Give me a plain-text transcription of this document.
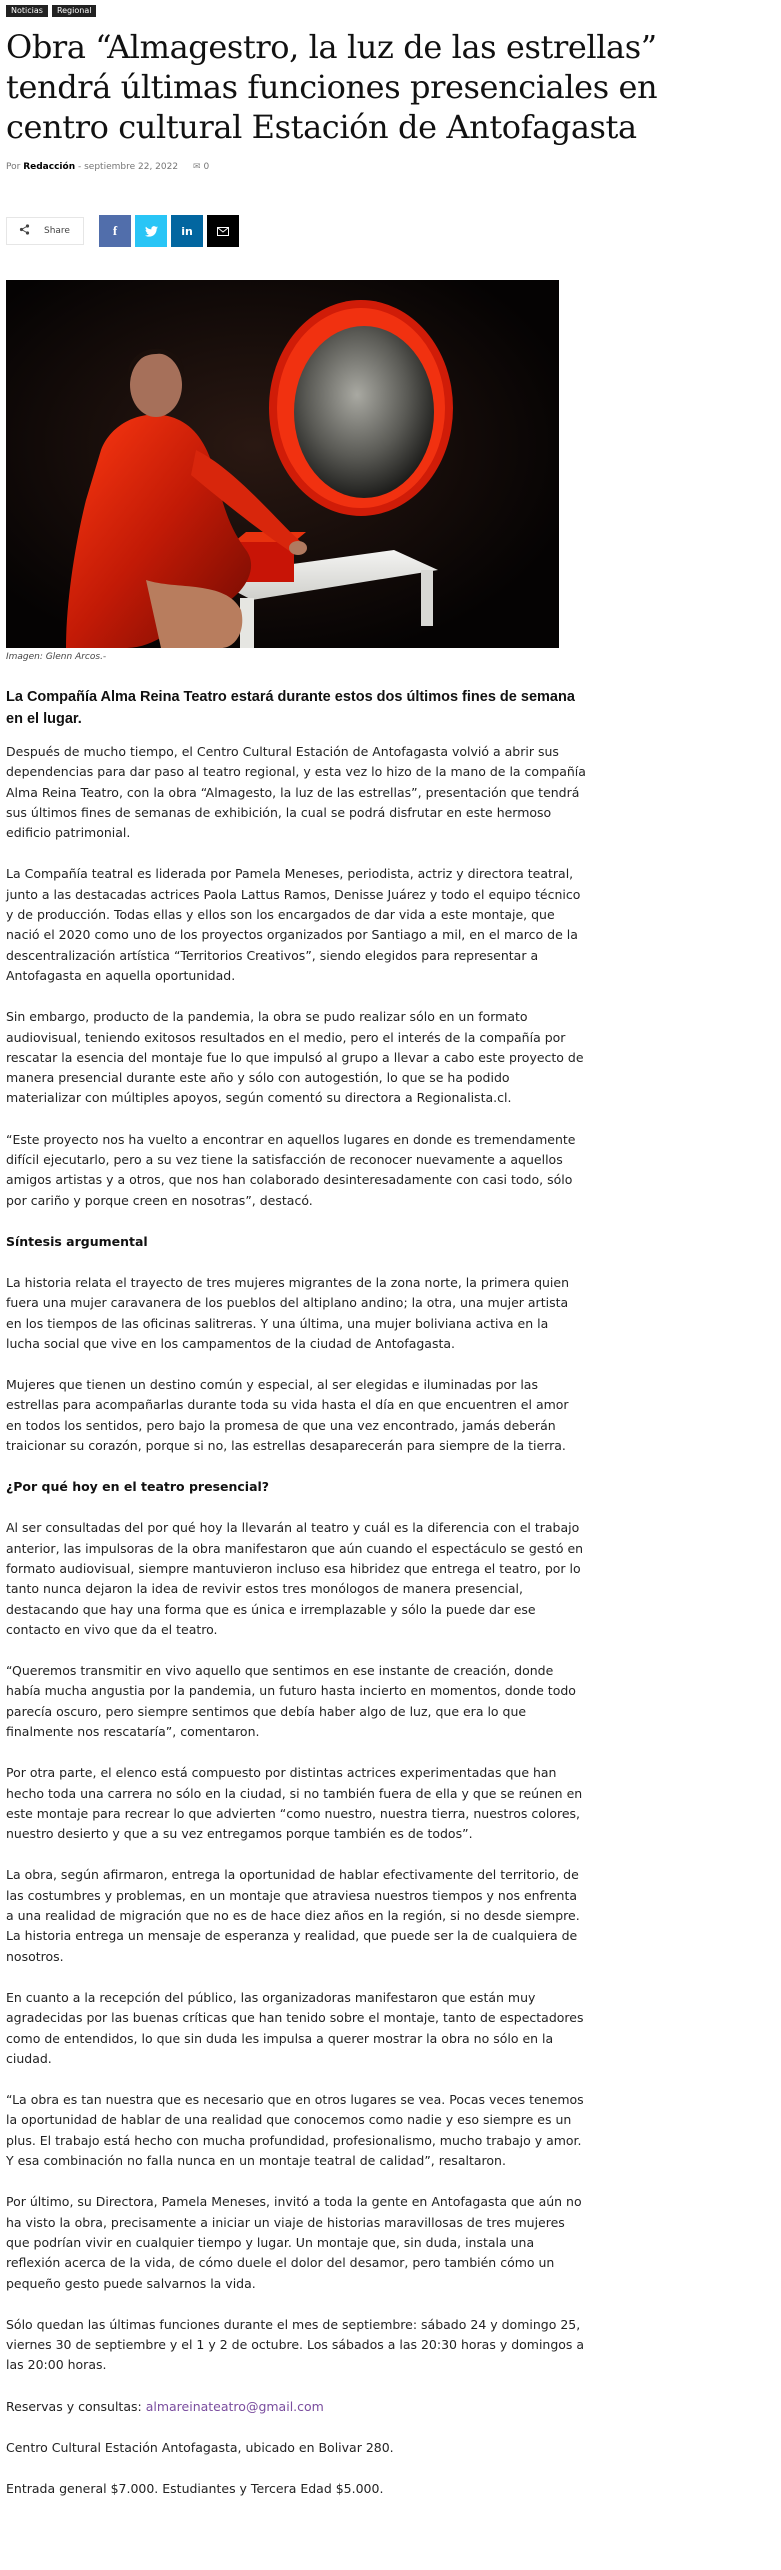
Noticias	Regional
Obra “Almagestro, la luz de las estrellas” tendrá últimas funciones presenciales en centro cultural Estación de Antofagasta
Por Redacción - septiembre 22, 2022 ✉ 0
Share	f	in
Imagen: Glenn Arcos.-

La Compañía Alma Reina Teatro estará durante estos dos últimos fines de semana en el lugar.

Después de mucho tiempo, el Centro Cultural Estación de Antofagasta volvió a abrir sus dependencias para dar paso al teatro regional, y esta vez lo hizo de la mano de la compañía Alma Reina Teatro, con la obra “Almagesto, la luz de las estrellas”, presentación que tendrá sus últimos fines de semanas de exhibición, la cual se podrá disfrutar en este hermoso edificio patrimonial.

La Compañía teatral es liderada por Pamela Meneses, periodista, actriz y directora teatral, junto a las destacadas actrices Paola Lattus Ramos, Denisse Juárez y todo el equipo técnico y de producción. Todas ellas y ellos son los encargados de dar vida a este montaje, que nació el 2020 como uno de los proyectos organizados por Santiago a mil, en el marco de la descentralización artística “Territorios Creativos”, siendo elegidos para representar a Antofagasta en aquella oportunidad.

Sin embargo, producto de la pandemia, la obra se pudo realizar sólo en un formato audiovisual, teniendo exitosos resultados en el medio, pero el interés de la compañía por rescatar la esencia del montaje fue lo que impulsó al grupo a llevar a cabo este proyecto de manera presencial durante este año y sólo con autogestión, lo que se ha podido materializar con múltiples apoyos, según comentó su directora a Regionalista.cl.

“Este proyecto nos ha vuelto a encontrar en aquellos lugares en donde es tremendamente difícil ejecutarlo, pero a su vez tiene la satisfacción de reconocer nuevamente a aquellos amigos artistas y a otros, que nos han colaborado desinteresadamente con casi todo, sólo por cariño y porque creen en nosotras”, destacó.

Síntesis argumental

La historia relata el trayecto de tres mujeres migrantes de la zona norte, la primera quien fuera una mujer caravanera de los pueblos del altiplano andino; la otra, una mujer artista en los tiempos de las oficinas salitreras. Y una última, una mujer boliviana activa en la lucha social que vive en los campamentos de la ciudad de Antofagasta.

Mujeres que tienen un destino común y especial, al ser elegidas e iluminadas por las estrellas para acompañarlas durante toda su vida hasta el día en que encuentren el amor en todos los sentidos, pero bajo la promesa de que una vez encontrado, jamás deberán traicionar su corazón, porque si no, las estrellas desaparecerán para siempre de la tierra.

¿Por qué hoy en el teatro presencial?

Al ser consultadas del por qué hoy la llevarán al teatro y cuál es la diferencia con el trabajo anterior, las impulsoras de la obra manifestaron que aún cuando el espectáculo se gestó en formato audiovisual, siempre mantuvieron incluso esa hibridez que entrega el teatro, por lo tanto nunca dejaron la idea de revivir estos tres monólogos de manera presencial, destacando que hay una forma que es única e irremplazable y sólo la puede dar ese contacto en vivo que da el teatro.

“Queremos transmitir en vivo aquello que sentimos en ese instante de creación, donde había mucha angustia por la pandemia, un futuro hasta incierto en momentos, donde todo parecía oscuro, pero siempre sentimos que debía haber algo de luz, que era lo que finalmente nos rescataría”, comentaron.

Por otra parte, el elenco está compuesto por distintas actrices experimentadas que han hecho toda una carrera no sólo en la ciudad, si no también fuera de ella y que se reúnen en este montaje para recrear lo que advierten “como nuestro, nuestra tierra, nuestros colores, nuestro desierto y que a su vez entregamos porque también es de todos”.

La obra, según afirmaron, entrega la oportunidad de hablar efectivamente del territorio, de las costumbres y problemas, en un montaje que atraviesa nuestros tiempos y nos enfrenta a una realidad de migración que no es de hace diez años en la región, si no desde siempre. La historia entrega un mensaje de esperanza y realidad, que puede ser la de cualquiera de nosotros.

En cuanto a la recepción del público, las organizadoras manifestaron que están muy agradecidas por las buenas críticas que han tenido sobre el montaje, tanto de espectadores como de entendidos, lo que sin duda les impulsa a querer mostrar la obra no sólo en la ciudad.

“La obra es tan nuestra que es necesario que en otros lugares se vea. Pocas veces tenemos la oportunidad de hablar de una realidad que conocemos como nadie y eso siempre es un plus. El trabajo está hecho con mucha profundidad, profesionalismo, mucho trabajo y amor. Y esa combinación no falla nunca en un montaje teatral de calidad”, resaltaron.

Por último, su Directora, Pamela Meneses, invitó a toda la gente en Antofagasta que aún no ha visto la obra, precisamente a iniciar un viaje de historias maravillosas de tres mujeres que podrían vivir en cualquier tiempo y lugar. Un montaje que, sin duda, instala una reflexión acerca de la vida, de cómo duele el dolor del desamor, pero también cómo un pequeño gesto puede salvarnos la vida.

Sólo quedan las últimas funciones durante el mes de septiembre: sábado 24 y domingo 25, viernes 30 de septiembre y el 1 y 2 de octubre. Los sábados a las 20:30 horas y domingos a las 20:00 horas.

Reservas y consultas: almareinateatro@gmail.com

Centro Cultural Estación Antofagasta, ubicado en Bolivar 280.

Entrada general $7.000. Estudiantes y Tercera Edad $5.000.
